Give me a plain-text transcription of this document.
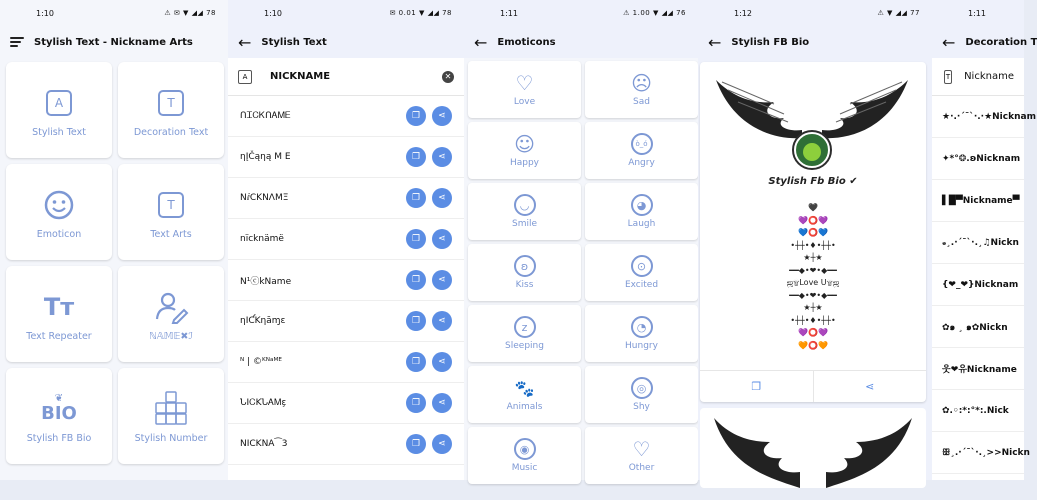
1:10	⚠ ✉ ▼ ◢◢ 78
Stylish Text - Nickname Arts
A
Stylish Text
T
Decoration Text
Emoticon
T
Text Arts
Tт
Text Repeater	ℕ𝔸𝕄𝔼✖ℐ
❦
BIO
Stylish FB Bio	Stylish Number
1:10	✉ 0.01 ▼ ◢◢ 78
← Stylish Text
A	NICKNAME	✕
ՈᏆᏟᏦՈᎪᎷᎬ	❐	⋖
ηĮČąηą M E	❐	⋖
NⅈCKNΛⅯΞ	❐	⋖
nïcknämë	❐	⋖
N¹ⓒkName	❐	⋖
ηIƇKηāɱɛ	❐	⋖
ᴺ | ©ᴷᴺᵃᴹᴱ	❐	⋖
ՆIᏟKՆᎪᎷɛ̧	❐	⋖
NICKNA⁀3	❐	⋖
1:11	⚠ 1.00 ▼ ◢◢ 76
← Emoticons
♡
Love
☹
Sad
☺
Happy
ò_ó
Angry
◡
Smile
◕
Laugh
ʚ
Kiss
⊙
Excited
z
Sleeping
◔
Hungry
🐾
Animals
◎
Shy
◉
Music
♡
Other
1:12	⚠ ▼ ◢◢ 77
← Stylish FB Bio
Stylish Fb Bio ✔
🖤
💜⭕💜
💙⭕💙
•┼┼•♦•┼┼•
★┼★
━━◆•❤•◆━━
ஜ۩Love U۩ஜ
━━◆•❤•◆━━
★┼★
•┼┼•♦•┼┼•
💜⭕💜
🧡⭕🧡
❐	⋖
1:11
← Decoration T
T Nickname
★·.·´¯`·.·★Nicknam
✦*°❂.ʚNicknam
▌█▀Nickname▀
ₔ¸.·´¯`·.¸♫Nickn
{❤_❤}Nicknam
✿๑ ¸ ๑✿Nickn
웃❤유Nickname
✿.◦:*:°*:.Nick
ꕥ¸.·´¯`·.¸>>Nickn
